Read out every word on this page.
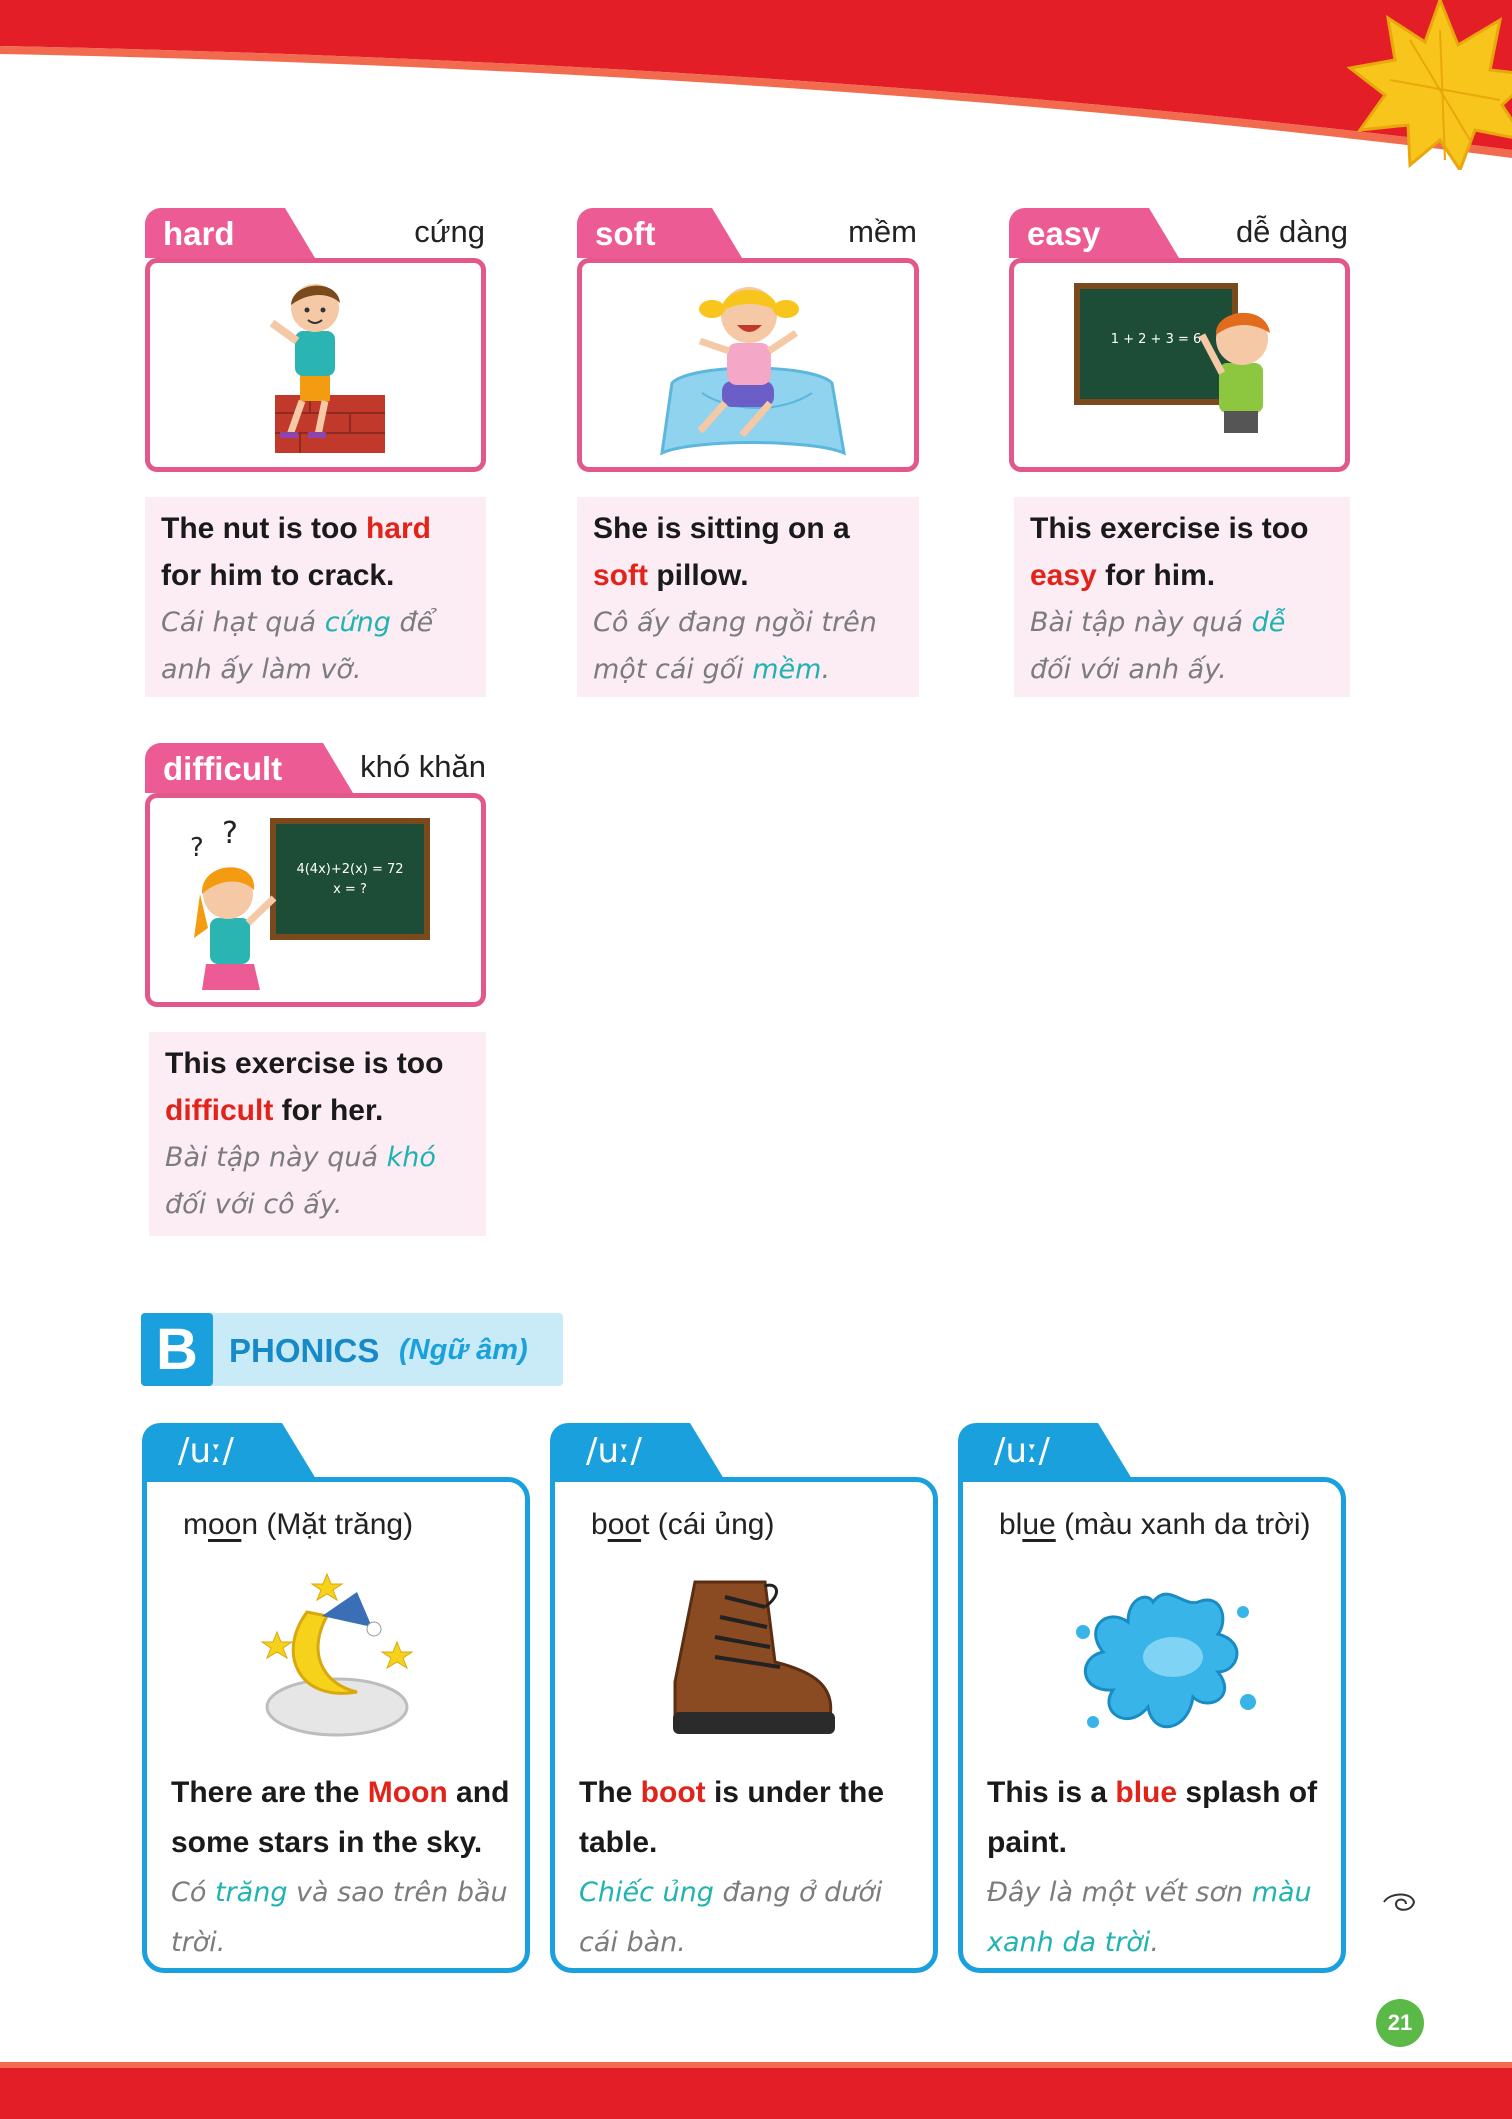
hard	cứng
The nut is too hard for him to crack.
Cái hạt quá cứng để anh ấy làm vỡ.
soft	mềm
She is sitting on a soft pillow.
Cô ấy đang ngồi trên một cái gối mềm.
easy	dễ dàng
1 + 2 + 3 = 6
This exercise is too easy for him.
Bài tập này quá dễ đối với anh ấy.
difficult	khó khăn
4(4x)+2(x) = 72
x = ?
? ?
This exercise is too difficult for her.
Bài tập này quá khó đối với cô ấy.
B PHONICS (Ngữ âm)
/uː/
moon (Mặt trăng)
There are the Moon and some stars in the sky.
Có trăng và sao trên bầu trời.
/uː/
boot (cái ủng)
The boot is under the table.
Chiếc ủng đang ở dưới cái bàn.
/uː/
blue (màu xanh da trời)
This is a blue splash of paint.
Đây là một vết sơn màu xanh da trời.
21
